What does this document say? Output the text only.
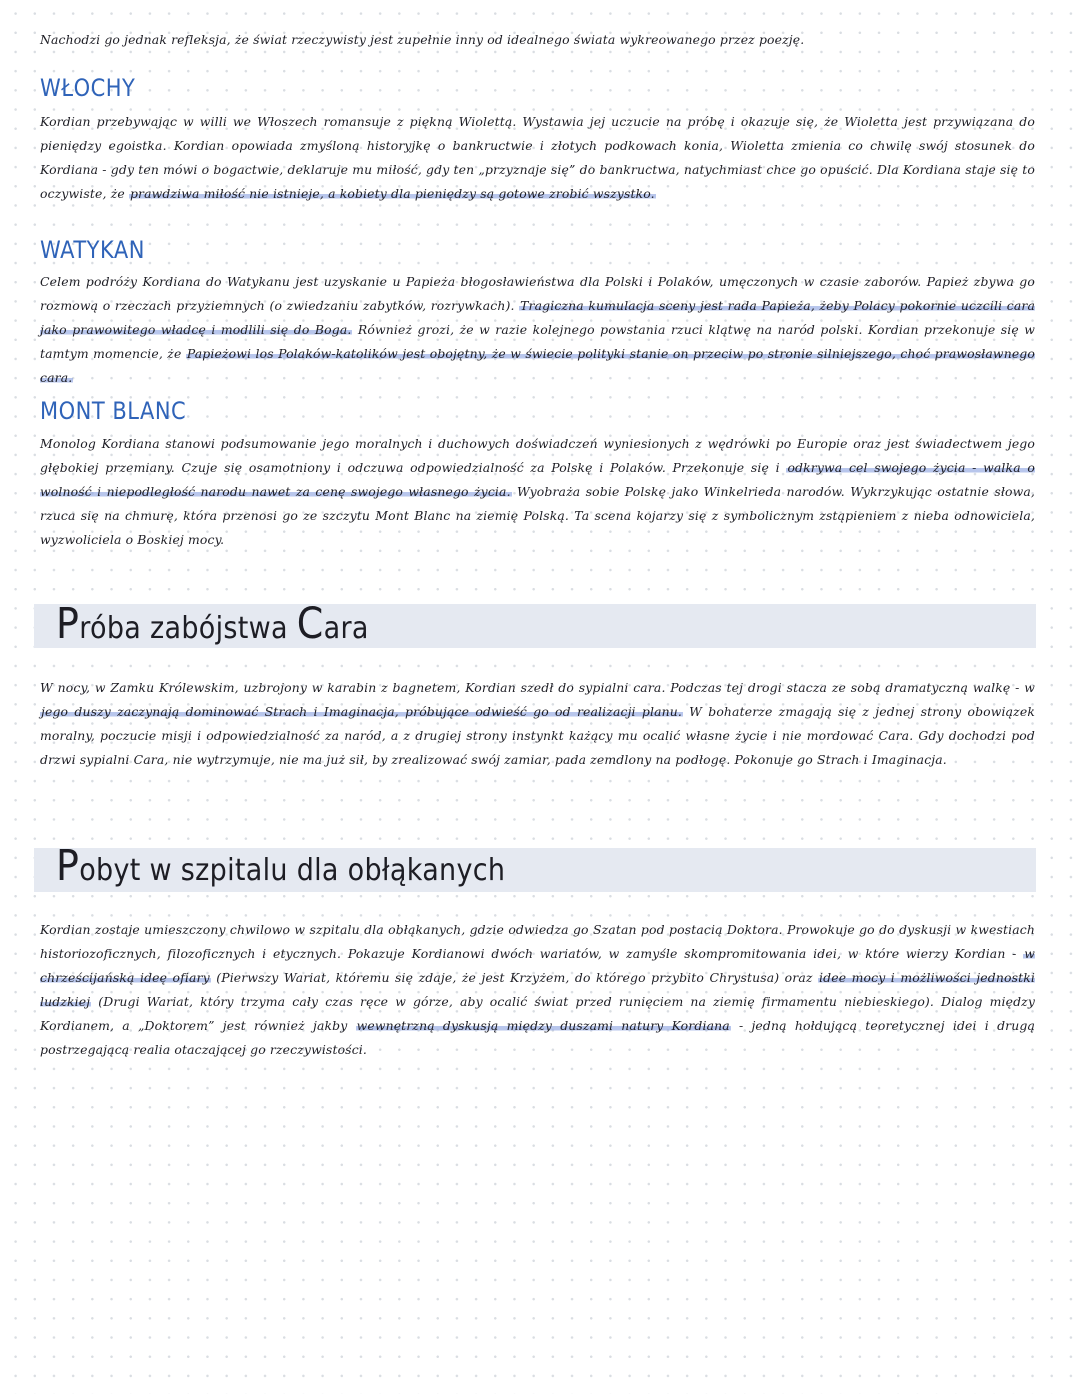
Nachodzi go jednak refleksja, że świat rzeczywisty jest zupełnie inny od idealnego świata wykreowanego przez poezję.

WŁOCHY

Kordian przebywając w willi we Włoszech romansuje z piękną Wiolettą. Wystawia jej uczucie na próbę i okazuje się, że Wioletta jest przywiązana do pieniędzy egoistka. Kordian opowiada zmyśloną historyjkę o bankructwie i złotych podkowach konia, Wioletta zmienia co chwilę swój stosunek do Kordiana - gdy ten mówi o bogactwie, deklaruje mu miłość, gdy ten „przyznaje się” do bankructwa, natychmiast chce go opuścić. Dla Kordiana staje się to oczywiste, że prawdziwa miłość nie istnieje, a kobiety dla pieniędzy są gotowe zrobić wszystko.

WATYKAN

Celem podróży Kordiana do Watykanu jest uzyskanie u Papieża błogosławieństwa dla Polski i Polaków, umęczonych w czasie zaborów. Papież zbywa go rozmową o rzeczach przyziemnych (o zwiedzaniu zabytków, rozrywkach). Tragiczna kumulacja sceny jest rada Papieża, żeby Polacy pokornie uczcili cara jako prawowitego władcę i modlili się do Boga. Również grozi, że w razie kolejnego powstania rzuci klątwę na naród polski. Kordian przekonuje się w tamtym momencie, że Papieżowi los Polaków-katolików jest obojętny, że w świecie polityki stanie on przeciw po stronie silniejszego, choć prawosławnego cara.

MONT BLANC

Monolog Kordiana stanowi podsumowanie jego moralnych i duchowych doświadczeń wyniesionych z wędrówki po Europie oraz jest świadectwem jego głębokiej przemiany. Czuje się osamotniony i odczuwa odpowiedzialność za Polskę i Polaków. Przekonuje się i odkrywa cel swojego życia - walka o wolność i niepodległość narodu nawet za cenę swojego własnego życia. Wyobraża sobie Polskę jako Winkelrieda narodów. Wykrzykując ostatnie słowa, rzuca się na chmurę, która przenosi go ze szczytu Mont Blanc na ziemię Polską. Ta scena kojarzy się z symbolicznym zstąpieniem z nieba odnowiciela, wyzwoliciela o Boskiej mocy.

Próba zabójstwa Cara

W nocy, w Zamku Królewskim, uzbrojony w karabin z bagnetem, Kordian szedł do sypialni cara. Podczas tej drogi stacza ze sobą dramatyczną walkę - w jego duszy zaczynają dominować Strach i Imaginacja, próbujące odwieść go od realizacji planu. W bohaterze zmagają się z jednej strony obowiązek moralny, poczucie misji i odpowiedzialność za naród, a z drugiej strony instynkt każący mu ocalić własne życie i nie mordować Cara. Gdy dochodzi pod drzwi sypialni Cara, nie wytrzymuje, nie ma już sił, by zrealizować swój zamiar, pada zemdlony na podłogę. Pokonuje go Strach i Imaginacja.

Pobyt w szpitalu dla obłąkanych

Kordian zostaje umieszczony chwilowo w szpitalu dla obłąkanych, gdzie odwiedza go Szatan pod postacią Doktora. Prowokuje go do dyskusji w kwestiach historiozoficznych, filozoficznych i etycznych. Pokazuje Kordianowi dwóch wariatów, w zamyśle skompromitowania idei, w które wierzy Kordian - w chrześcijańską ideę ofiary (Pierwszy Wariat, któremu się zdaje, że jest Krzyżem, do którego przybito Chrystusa) oraz idee mocy i możliwości jednostki ludzkiej (Drugi Wariat, który trzyma cały czas ręce w górze, aby ocalić świat przed runięciem na ziemię firmamentu niebieskiego). Dialog między Kordianem, a „Doktorem” jest również jakby wewnętrzną dyskusją między duszami natury Kordiana - jedną hołdującą teoretycznej idei i drugą postrzegającą realia otaczającej go rzeczywistości.
